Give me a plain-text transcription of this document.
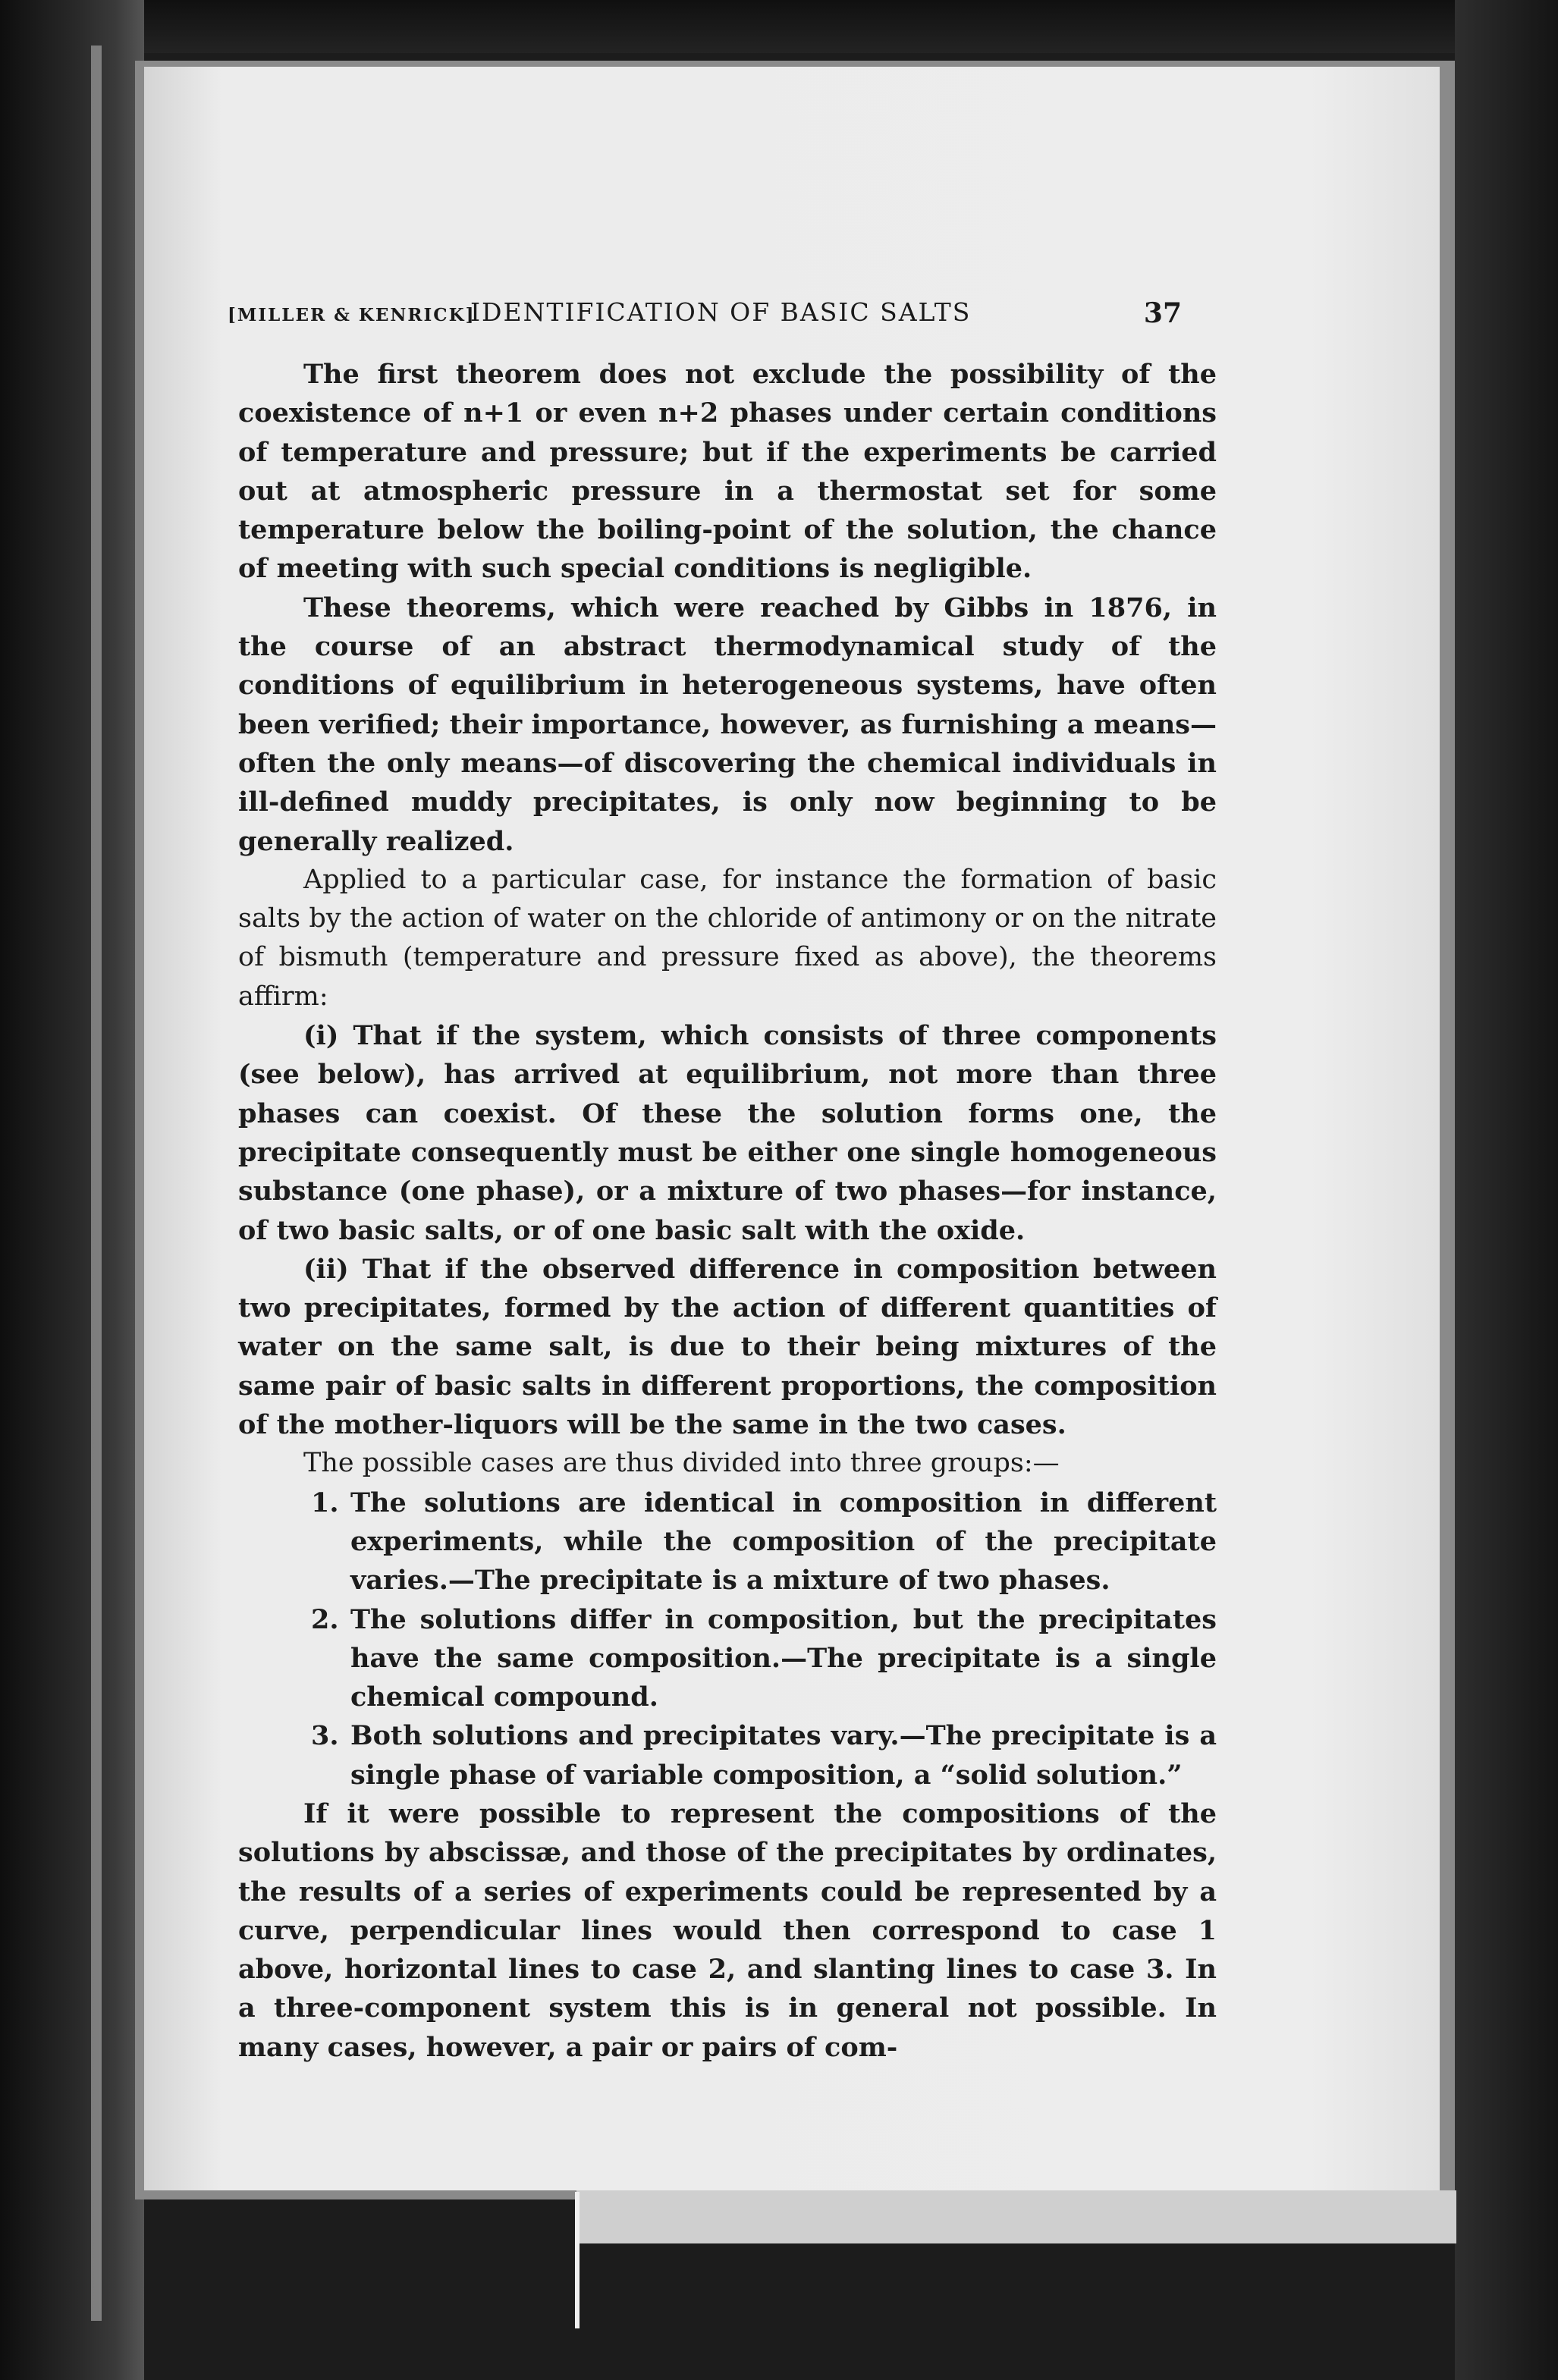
[MILLER & KENRICK]
IDENTIFICATION OF BASIC SALTS	37

The first theorem does not exclude the possibility of the coexistence of n+1 or even n+2 phases under certain conditions of temperature and pressure; but if the experiments be carried out at atmospheric pressure in a thermostat set for some temperature below the boiling-point of the solution, the chance of meeting with such special conditions is negligible.

These theorems, which were reached by Gibbs in 1876, in the course of an abstract thermodynamical study of the conditions of equilibrium in heterogeneous systems, have often been verified; their importance, however, as furnishing a means—often the only means—of discovering the chemical individuals in ill-defined muddy precipitates, is only now beginning to be generally realized.

Applied to a particular case, for instance the formation of basic salts by the action of water on the chloride of antimony or on the nitrate of bismuth (temperature and pressure fixed as above), the theorems affirm:

(i) That if the system, which consists of three components (see below), has arrived at equilibrium, not more than three phases can coexist. Of these the solution forms one, the precipitate consequently must be either one single homogeneous substance (one phase), or a mixture of two phases—for instance, of two basic salts, or of one basic salt with the oxide.

(ii) That if the observed difference in composition between two precipitates, formed by the action of different quantities of water on the same salt, is due to their being mixtures of the same pair of basic salts in different proportions, the composition of the mother-liquors will be the same in the two cases.

The possible cases are thus divided into three groups:—

1. The solutions are identical in composition in different experiments, while the composition of the precipitate varies.—The precipitate is a mixture of two phases.
2. The solutions differ in composition, but the precipitates have the same composition.—The precipitate is a single chemical compound.
3. Both solutions and precipitates vary.—The precipitate is a single phase of variable composition, a “solid solution.”

If it were possible to represent the compositions of the solutions by abscissæ, and those of the precipitates by ordinates, the results of a series of experiments could be represented by a curve, perpendicular lines would then correspond to case 1 above, horizontal lines to case 2, and slanting lines to case 3. In a three-component system this is in general not possible. In many cases, however, a pair or pairs of com-
